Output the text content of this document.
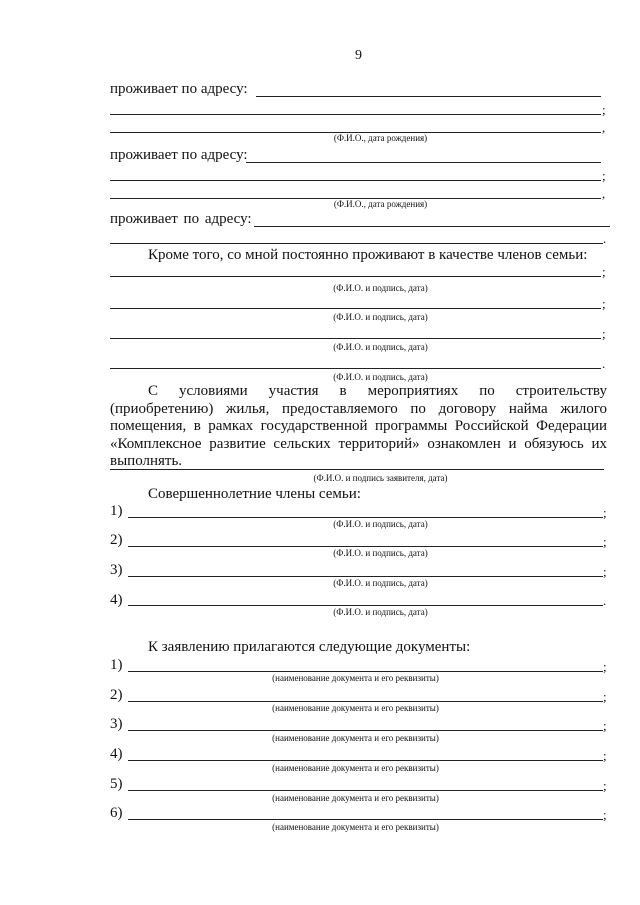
9
проживает по адресу:
;
,
(Ф.И.О., дата рождения)
проживает по адресу:
;
,
(Ф.И.О., дата рождения)
проживает по адресу:
.
Кроме того, со мной постоянно проживают в качестве членов семьи:
;
(Ф.И.О. и подпись, дата)
;
(Ф.И.О. и подпись, дата)
;
(Ф.И.О. и подпись, дата)
.
(Ф.И.О. и подпись, дата)
С условиями участия в мероприятиях по строительству (приобретению) жилья, предоставляемого по договору найма жилого помещения, в рамках государственной программы Российской Федерации «Комплексное развитие сельских территорий» ознакомлен и обязуюсь их выполнять.
(Ф.И.О. и подпись заявителя, дата)
Совершеннолетние члены семьи:
1)	;
(Ф.И.О. и подпись, дата)
2)	;
(Ф.И.О. и подпись, дата)
3)	;
(Ф.И.О. и подпись, дата)
4)	.
(Ф.И.О. и подпись, дата)
К заявлению прилагаются следующие документы:
1)	;
(наименование документа и его реквизиты)
2)	;
(наименование документа и его реквизиты)
3)	;
(наименование документа и его реквизиты)
4)	;
(наименование документа и его реквизиты)
5)	;
(наименование документа и его реквизиты)
6)	;
(наименование документа и его реквизиты)
